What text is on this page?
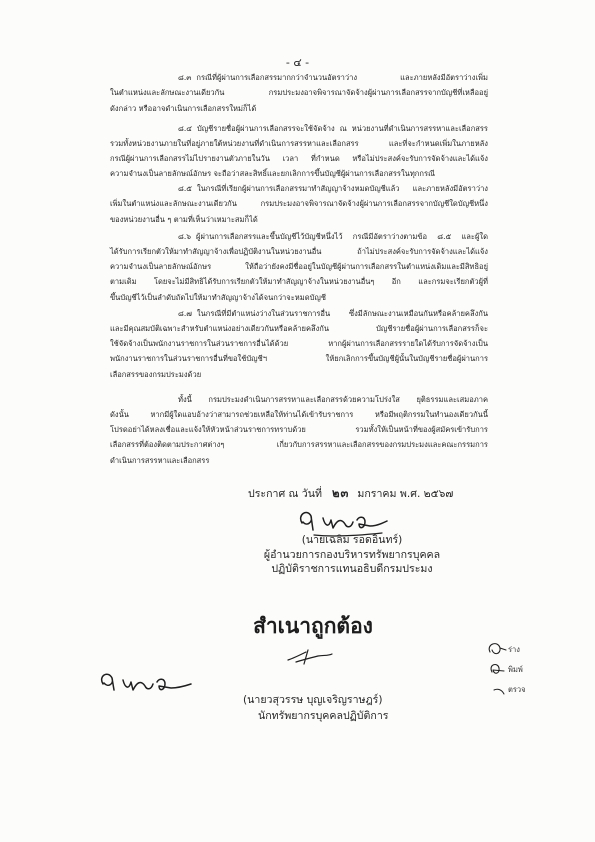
- ๔ -
๘.๓ กรณีที่ผู้ผ่านการเลือกสรรมากกว่าจำนวนอัตราว่าง และภายหลังมีอัตราว่างเพิ่ม
ในตำแหน่งและลักษณะงานเดียวกัน กรมประมงอาจพิจารณาจัดจ้างผู้ผ่านการเลือกสรรจากบัญชีที่เหลืออยู่
ดังกล่าว หรืออาจดำเนินการเลือกสรรใหม่ก็ได้
๘.๔ บัญชีรายชื่อผู้ผ่านการเลือกสรรจะใช้จัดจ้าง ณ หน่วยงานที่ดำเนินการสรรหาและเลือกสรร
รวมทั้งหน่วยงานภายในที่อยู่ภายใต้หน่วยงานที่ดำเนินการสรรหาและเลือกสรร และที่จะกำหนดเพิ่มในภายหลัง
กรณีผู้ผ่านการเลือกสรรไม่ไปรายงานตัวภายในวัน เวลา ที่กำหนด หรือไม่ประสงค์จะรับการจัดจ้างและได้แจ้ง
ความจำนงเป็นลายลักษณ์อักษร จะถือว่าสละสิทธิ์และยกเลิกการขึ้นบัญชีผู้ผ่านการเลือกสรรในทุกกรณี
๘.๕ ในกรณีที่เรียกผู้ผ่านการเลือกสรรมาทำสัญญาจ้างหมดบัญชีแล้ว และภายหลังมีอัตราว่าง
เพิ่มในตำแหน่งและลักษณะงานเดียวกัน กรมประมงอาจพิจารณาจัดจ้างผู้ผ่านการเลือกสรรจากบัญชีใดบัญชีหนึ่ง
ของหน่วยงานอื่น ๆ ตามที่เห็นว่าเหมาะสมก็ได้
๘.๖ ผู้ผ่านการเลือกสรรและขึ้นบัญชีไว้บัญชีหนึ่งไว้ กรณีมีอัตราว่างตามข้อ ๘.๕ และผู้ใด
ได้รับการเรียกตัวให้มาทำสัญญาจ้างเพื่อปฏิบัติงานในหน่วยงานอื่น ถ้าไม่ประสงค์จะรับการจัดจ้างและได้แจ้ง
ความจำนงเป็นลายลักษณ์อักษร ให้ถือว่ายังคงมีชื่ออยู่ในบัญชีผู้ผ่านการเลือกสรรในตำแหน่งเดิมและมีสิทธิอยู่
ตามเดิม โดยจะไม่มีสิทธิได้รับการเรียกตัวให้มาทำสัญญาจ้างในหน่วยงานอื่นๆ อีก และกรมจะเรียกตัวผู้ที่
ขึ้นบัญชีไว้เป็นลำดับถัดไปให้มาทำสัญญาจ้างได้จนกว่าจะหมดบัญชี
๘.๗ ในกรณีที่มีตำแหน่งว่างในส่วนราชการอื่น ซึ่งมีลักษณะงานเหมือนกันหรือคล้ายคลึงกัน
และมีคุณสมบัติเฉพาะสำหรับตำแหน่งอย่างเดียวกันหรือคล้ายคลึงกัน บัญชีรายชื่อผู้ผ่านการเลือกสรรก็จะ
ใช้จัดจ้างเป็นพนักงานราชการในส่วนราชการอื่นได้ด้วย หากผู้ผ่านการเลือกสรรรายใดได้รับการจัดจ้างเป็น
พนักงานราชการในส่วนราชการอื่นที่ขอใช้บัญชีฯ ให้ยกเลิกการขึ้นบัญชีผู้นั้นในบัญชีรายชื่อผู้ผ่านการ
เลือกสรรของกรมประมงด้วย
ทั้งนี้ กรมประมงดำเนินการสรรหาและเลือกสรรด้วยความโปร่งใส ยุติธรรมและเสมอภาค
ดังนั้น หากมีผู้ใดแอบอ้างว่าสามารถช่วยเหลือให้ท่านได้เข้ารับราชการ หรือมีพฤติกรรมในทำนองเดียวกันนี้
โปรดอย่าได้หลงเชื่อและแจ้งให้หัวหน้าส่วนราชการทราบด้วย รวมทั้งให้เป็นหน้าที่ของผู้สมัครเข้ารับการ
เลือกสรรที่ต้องติดตามประกาศต่างๆ เกี่ยวกับการสรรหาและเลือกสรรของกรมประมงและคณะกรรมการ
ดำเนินการสรรหาและเลือกสรร
ประกาศ ณ วันที่ ๒๓ มกราคม พ.ศ. ๒๕๖๗
(นายเฉลิม รอดอินทร์)
ผู้อำนวยการกองบริหารทรัพยากรบุคคล
ปฏิบัติราชการแทนอธิบดีกรมประมง
สำเนาถูกต้อง
(นายวสุวรรษ บุญเจริญราษฎร์)
นักทรัพยากรบุคคลปฏิบัติการ
ร่าง
พิมพ์
ตรวจ
